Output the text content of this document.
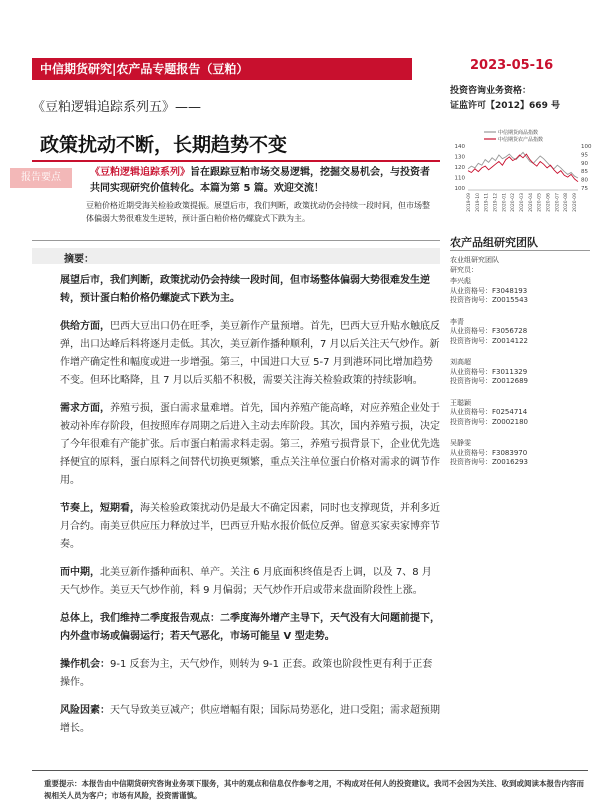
中信期货研究|农产品专题报告（豆粕）	2023-05-16
《豆粕逻辑追踪系列五》——
政策扰动不断，长期趋势不变
报告要点	《豆粕逻辑追踪系列》旨在跟踪豆粕市场交易逻辑，挖掘交易机会，与投资者共同实现研究价值转化。本篇为第 5 篇。欢迎交流！
豆粕价格近期受海关检验政策提振。展望后市，我们判断，政策扰动仍会持续一段时间，但市场整体偏弱大势很难发生逆转，预计蛋白粕价格仍螺旋式下跌为主。
摘要：

展望后市，我们判断，政策扰动仍会持续一段时间，但市场整体偏弱大势很难发生逆转，预计蛋白粕价格仍螺旋式下跌为主。

供给方面，巴西大豆出口仍在旺季，美豆新作产量预增。首先，巴西大豆升贴水触底反弹，出口达峰后料将逐月走低。其次，美豆新作播种顺利，7 月以后关注天气炒作。新作增产确定性和幅度或进一步增强。第三，中国进口大豆 5-7 月到港环同比增加趋势不变。但环比略降，且 7 月以后买船不积极，需要关注海关检验政策的持续影响。

需求方面，养殖亏损，蛋白需求量难增。首先，国内养殖产能高峰，对应养殖企业处于被动补库存阶段，但按照库存周期之后进入主动去库阶段。其次，国内养殖亏损，决定了今年很难有产能扩张。后市蛋白粕需求料走弱。第三，养殖亏损背景下，企业优先选择便宜的原料，蛋白原料之间替代切换更频繁，重点关注单位蛋白价格对需求的调节作用。

节奏上，短期看，海关检验政策扰动仍是最大不确定因素，同时也支撑现货，并利多近月合约。南美豆供应压力释放过半，巴西豆升贴水报价低位反弹。留意买家卖家博弈节奏。

而中期，北美豆新作播种面积、单产。关注 6 月底面积终值是否上调，以及 7、8 月天气炒作。美豆天气炒作前，料 9 月偏弱；天气炒作开启或带来盘面阶段性上涨。

总体上，我们维持二季度报告观点：二季度海外增产主导下，天气没有大问题前提下，内外盘市场或偏弱运行；若天气恶化，市场可能呈 V 型走势。

操作机会：9-1 反套为主，天气炒作，则转为 9-1 正套。政策也阶段性更有利于正套操作。

风险因素：天气导致美豆减产；供应增幅有限；国际局势恶化，进口受阻；需求超预期增长。

投资咨询业务资格：
证监许可【2012】669 号
中信期货商品指数
中信期货农产品指数
140
130
120
110
100
100
95
90
85
80
75
2019-09 2019-10 2019-11 2019-12 2020-01 2020-02 2020-03 2020-04 2020-05 2020-06 2020-07 2020-08 2020-09
农产品组研究团队
农业组研究团队
研究员：
李兴彪
从业资格号：F3048193
投资咨询号：Z0015543
李青
从业资格号：F3056728
投资咨询号：Z0014122
刘高超
从业资格号：F3011329
投资咨询号：Z0012689
王聪颖
从业资格号：F0254714
投资咨询号：Z0002180
吴静雯
从业资格号：F3083970
投资咨询号：Z0016293
重要提示：本报告由中信期货研究咨询业务项下服务，其中的观点和信息仅作参考之用，不构成对任何人的投资建议。我司不会因为关注、收到或阅读本报告内容而视相关人员为客户；市场有风险，投资需谨慎。
